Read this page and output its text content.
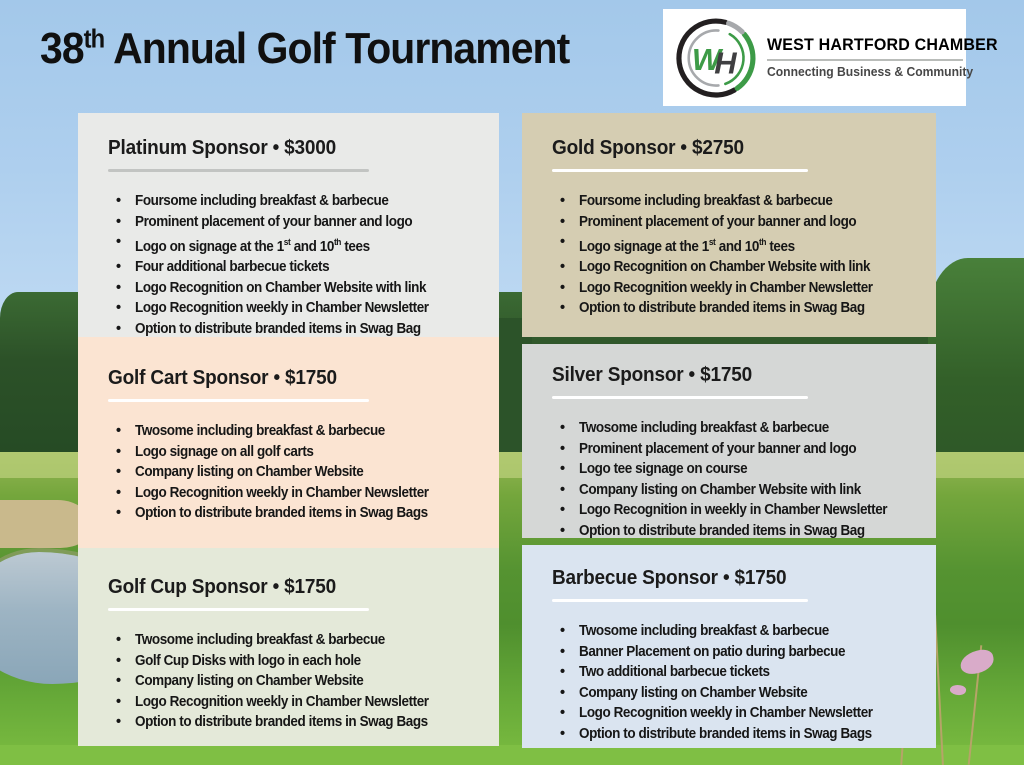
38th Annual Golf Tournament	W
H WEST HARTFORD CHAMBER
Connecting Business & Community
Platinum Sponsor • $3000
• Foursome including breakfast & barbecue
• Prominent placement of your banner and logo
• Logo on signage at the 1st and 10th tees
• Four additional barbecue tickets
• Logo Recognition on Chamber Website with link
• Logo Recognition weekly in Chamber Newsletter
• Option to distribute branded items in Swag Bag
Gold Sponsor • $2750
• Foursome including breakfast & barbecue
• Prominent placement of your banner and logo
• Logo signage at the 1st and 10th tees
• Logo Recognition on Chamber Website with link
• Logo Recognition weekly in Chamber Newsletter
• Option to distribute branded items in Swag Bag
Golf Cart Sponsor • $1750
• Twosome including breakfast & barbecue
• Logo signage on all golf carts
• Company listing on Chamber Website
• Logo Recognition weekly in Chamber Newsletter
• Option to distribute branded items in Swag Bags
Silver Sponsor • $1750
• Twosome including breakfast & barbecue
• Prominent placement of your banner and logo
• Logo tee signage on course
• Company listing on Chamber Website with link
• Logo Recognition in weekly in Chamber Newsletter
• Option to distribute branded items in Swag Bag
Golf Cup Sponsor • $1750
• Twosome including breakfast & barbecue
• Golf Cup Disks with logo in each hole
• Company listing on Chamber Website
• Logo Recognition weekly in Chamber Newsletter
• Option to distribute branded items in Swag Bags
Barbecue Sponsor • $1750
• Twosome including breakfast & barbecue
• Banner Placement on patio during barbecue
• Two additional barbecue tickets
• Company listing on Chamber Website
• Logo Recognition weekly in Chamber Newsletter
• Option to distribute branded items in Swag Bags
